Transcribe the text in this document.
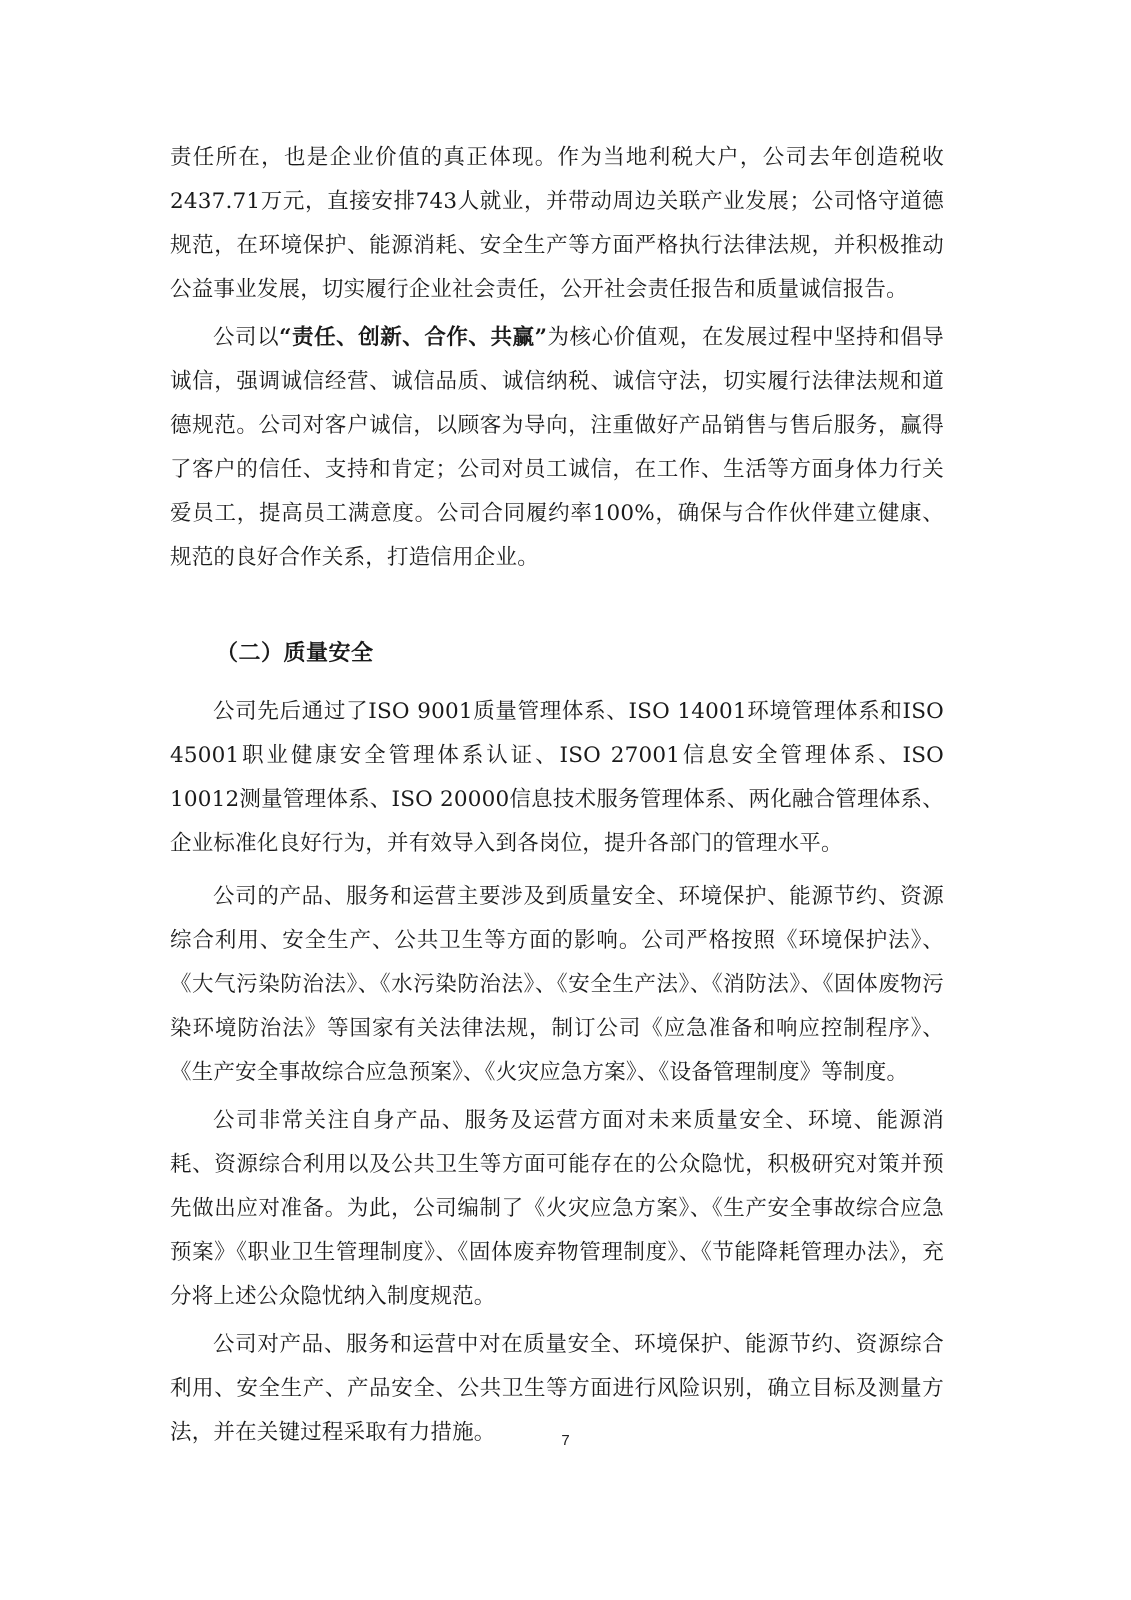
责任所在，也是企业价值的真正体现。作为当地利税大户，公司去年创造税收2437.71万元，直接安排743人就业，并带动周边关联产业发展；公司恪守道德规范，在环境保护、能源消耗、安全生产等方面严格执行法律法规，并积极推动公益事业发展，切实履行企业社会责任，公开社会责任报告和质量诚信报告。

公司以“责任、创新、合作、共赢”为核心价值观，在发展过程中坚持和倡导诚信，强调诚信经营、诚信品质、诚信纳税、诚信守法，切实履行法律法规和道德规范。公司对客户诚信，以顾客为导向，注重做好产品销售与售后服务，赢得了客户的信任、支持和肯定；公司对员工诚信，在工作、生活等方面身体力行关爱员工，提高员工满意度。公司合同履约率100%，确保与合作伙伴建立健康、规范的良好合作关系，打造信用企业。

（二）质量安全

公司先后通过了ISO 9001质量管理体系、ISO 14001环境管理体系和ISO 45001职业健康安全管理体系认证、ISO 27001信息安全管理体系、ISO 10012测量管理体系、ISO 20000信息技术服务管理体系、两化融合管理体系、企业标准化良好行为，并有效导入到各岗位，提升各部门的管理水平。

公司的产品、服务和运营主要涉及到质量安全、环境保护、能源节约、资源综合利用、安全生产、公共卫生等方面的影响。公司严格按照《环境保护法》、《大气污染防治法》、《水污染防治法》、《安全生产法》、《消防法》、《固体废物污染环境防治法》等国家有关法律法规，制订公司《应急准备和响应控制程序》、《生产安全事故综合应急预案》、《火灾应急方案》、《设备管理制度》等制度。

公司非常关注自身产品、服务及运营方面对未来质量安全、环境、能源消耗、资源综合利用以及公共卫生等方面可能存在的公众隐忧，积极研究对策并预先做出应对准备。为此，公司编制了《火灾应急方案》、《生产安全事故综合应急预案》《职业卫生管理制度》、《固体废弃物管理制度》、《节能降耗管理办法》，充分将上述公众隐忧纳入制度规范。

公司对产品、服务和运营中对在质量安全、环境保护、能源节约、资源综合利用、安全生产、产品安全、公共卫生等方面进行风险识别，确立目标及测量方法，并在关键过程采取有力措施。	7
